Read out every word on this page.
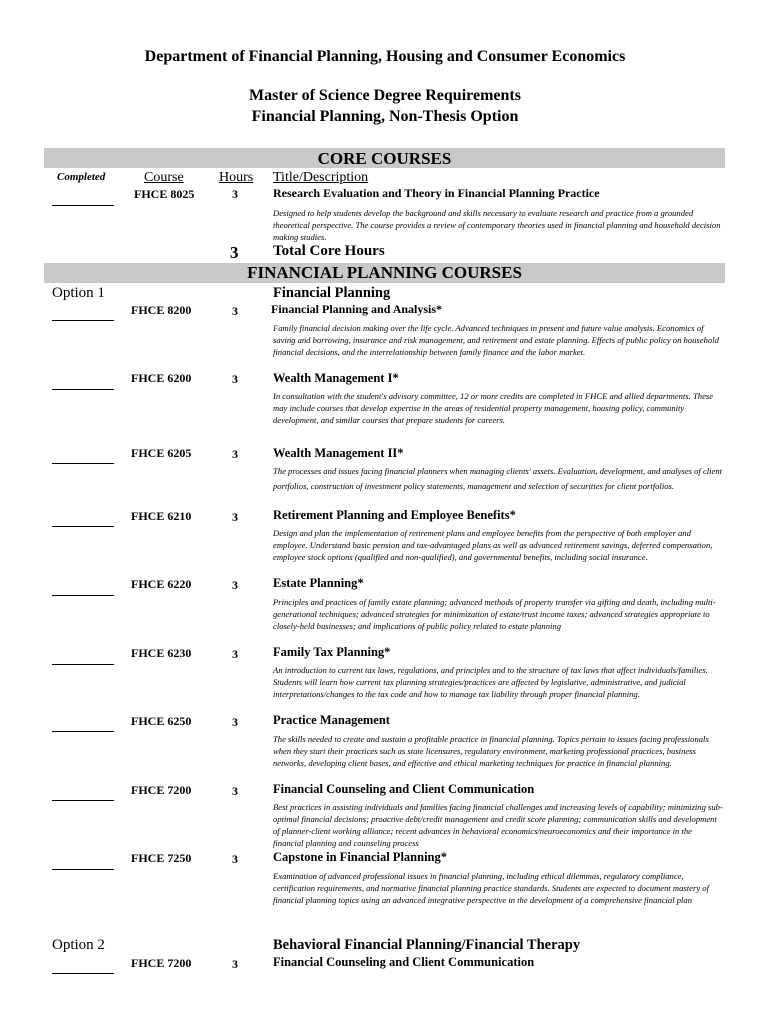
Department of Financial Planning, Housing and Consumer Economics
Master of Science Degree Requirements
Financial Planning, Non-Thesis Option
CORE COURSES
Completed	Course	Hours Title/Description
FHCE 8025	3	Research Evaluation and Theory in Financial Planning Practice
Designed to help students develop the background and skills necessary to evaluate research and practice from a grounded theoretical perspective. The course provides a review of contemporary theories used in financial planning and household decision making studies.
3 Total Core Hours
FINANCIAL PLANNING COURSES
Option 1	Financial Planning
FHCE 8200	3	Financial Planning and Analysis*
Family financial decision making over the life cycle. Advanced techniques in present and future value analysis. Economics of saving and borrowing, insurance and risk management, and retirement and estate planning. Effects of public policy on household financial decisions, and the interrelationship between family finance and the labor market.
FHCE 6200	3	Wealth Management I*
In consultation with the student's advisory committee, 12 or more credits are completed in FHCE and allied departments. These may include courses that develop expertise in the areas of residential property management, housing policy, community development, and similar courses that prepare students for careers.
FHCE 6205	3	Wealth Management II*
The processes and issues facing financial planners when managing clients' assets. Evaluation, development, and analyses of client portfolios, construction of investment policy statements, management and selection of securities for client portfolios.
FHCE 6210	3	Retirement Planning and Employee Benefits*
Design and plan the implementation of retirement plans and employee benefits from the perspective of both employer and employee. Understand basic pension and tax-advantaged plans as well as advanced retirement savings, deferred compensation, employee stock options (qualified and non-qualified), and governmental benefits, including social insurance.
FHCE 6220	3	Estate Planning*
Principles and practices of family estate planning; advanced methods of property transfer via gifting and death, including multi-generational techniques; advanced strategies for minimization of estate/trust income taxes; advanced strategies appropriate to closely-held businesses; and implications of public policy related to estate planning
FHCE 6230	3	Family Tax Planning*
An introduction to current tax laws, regulations, and principles and to the structure of tax laws that affect individuals/families. Students will learn how current tax planning strategies/practices are affected by legislative, administrative, and judicial interpretations/changes to the tax code and how to manage tax liability through proper financial planning.
FHCE 6250	3	Practice Management
The skills needed to create and sustain a profitable practice in financial planning. Topics pertain to issues facing professionals when they start their practices such as state licensures, regulatory environment, marketing professional practices, business networks, developing client bases, and effective and ethical marketing techniques for practice in financial planning.
FHCE 7200	3	Financial Counseling and Client Communication
Best practices in assisting individuals and families facing financial challenges and increasing levels of capability; minimizing sub-optimal financial decisions; proactive debt/credit management and credit score planning; communication skills and development of planner-client working alliance; recent advances in behavioral economics/neuroeconomics and their importance in the financial planning and counseling process
FHCE 7250	3	Capstone in Financial Planning*
Examination of advanced professional issues in financial planning, including ethical dilemmas, regulatory compliance, certification requirements, and normative financial planning practice standards. Students are expected to document mastery of financial planning topics using an advanced integrative perspective in the development of a comprehensive financial plan
Option 2	Behavioral Financial Planning/Financial Therapy
FHCE 7200	3	Financial Counseling and Client Communication
